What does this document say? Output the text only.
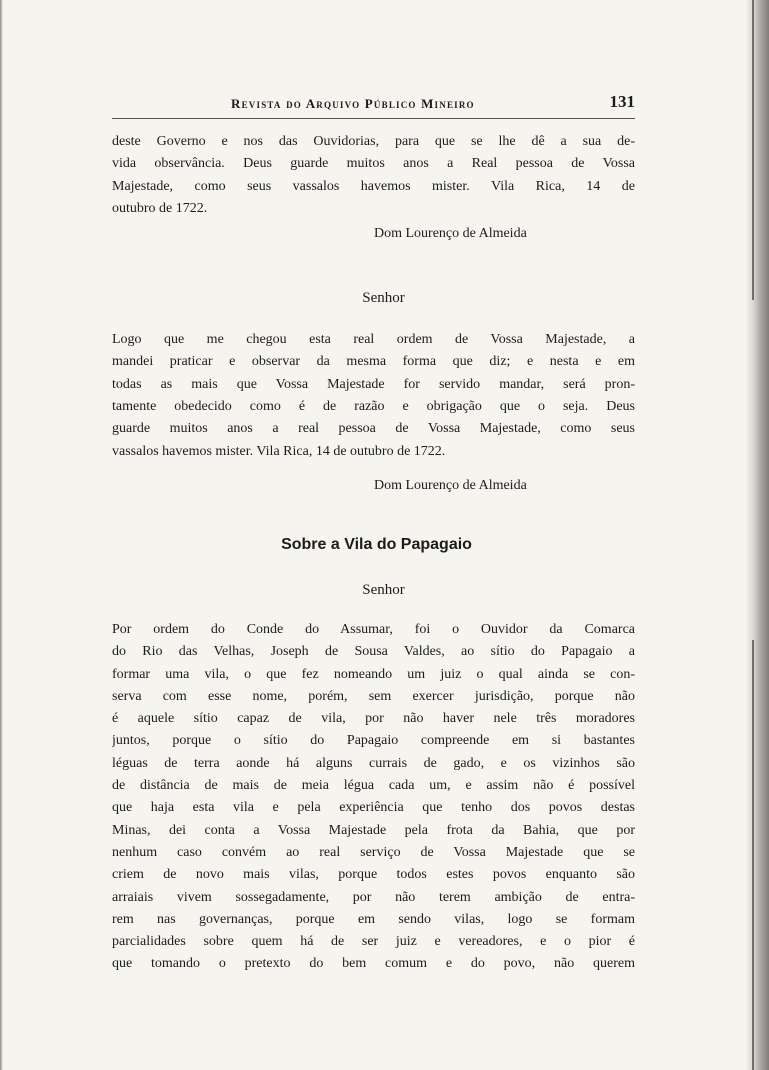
Revista do Arquivo Público Mineiro	131
deste Governo e nos das Ouvidorias, para que se lhe dê a sua de-
vida observância. Deus guarde muitos anos a Real pessoa de Vossa
Majestade, como seus vassalos havemos mister. Vila Rica, 14 de
outubro de 1722.

Dom Lourenço de Almeida

Senhor

Logo que me chegou esta real ordem de Vossa Majestade, a
mandei praticar e observar da mesma forma que diz; e nesta e em
todas as mais que Vossa Majestade for servido mandar, será pron-
tamente obedecido como é de razão e obrigação que o seja. Deus
guarde muitos anos a real pessoa de Vossa Majestade, como seus
vassalos havemos mister. Vila Rica, 14 de outubro de 1722.

Dom Lourenço de Almeida

Sobre a Vila do Papagaio

Senhor

Por ordem do Conde do Assumar, foi o Ouvidor da Comarca
do Rio das Velhas, Joseph de Sousa Valdes, ao sítio do Papagaio a
formar uma vila, o que fez nomeando um juiz o qual ainda se con-
serva com esse nome, porém, sem exercer jurisdição, porque não
é aquele sítio capaz de vila, por não haver nele três moradores
juntos, porque o sítio do Papagaio compreende em si bastantes
léguas de terra aonde há alguns currais de gado, e os vizinhos são
de distância de mais de meia légua cada um, e assim não é possível
que haja esta vila e pela experiência que tenho dos povos destas
Minas, dei conta a Vossa Majestade pela frota da Bahia, que por
nenhum caso convém ao real serviço de Vossa Majestade que se
criem de novo mais vilas, porque todos estes povos enquanto são
arraiais vivem sossegadamente, por não terem ambição de entra-
rem nas governanças, porque em sendo vilas, logo se formam
parcialidades sobre quem há de ser juiz e vereadores, e o pior é
que tomando o pretexto do bem comum e do povo, não querem
